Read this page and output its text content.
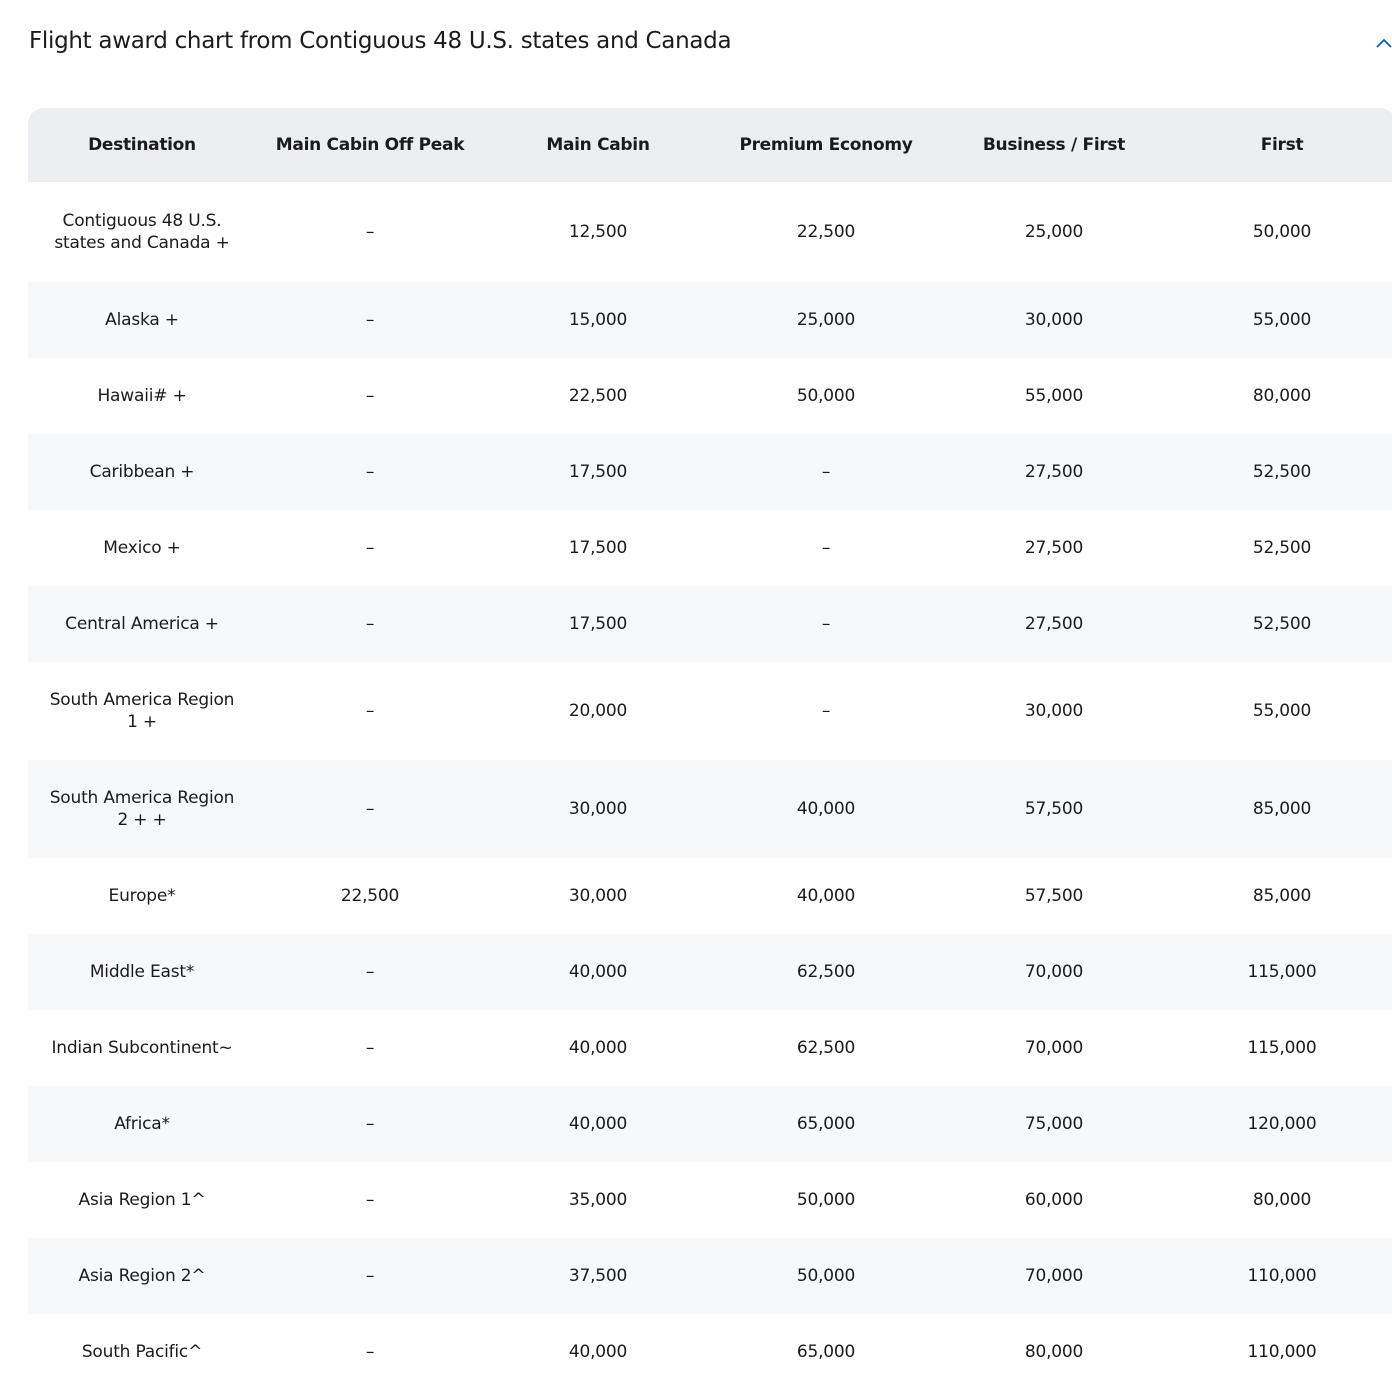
Flight award chart from Contiguous 48 U.S. states and Canada
Destination	Main Cabin Off Peak	Main Cabin	Premium Economy	Business / First	First
Contiguous 48 U.S. states and Canada +	–	12,500	22,500	25,000	50,000
Alaska +	–	15,000	25,000	30,000	55,000
Hawaii# +	–	22,500	50,000	55,000	80,000
Caribbean +	–	17,500	–	27,500	52,500
Mexico +	–	17,500	–	27,500	52,500
Central America +	–	17,500	–	27,500	52,500
South America Region 1 +	–	20,000	–	30,000	55,000
South America Region 2 + +	–	30,000	40,000	57,500	85,000
Europe*	22,500	30,000	40,000	57,500	85,000
Middle East*	–	40,000	62,500	70,000	115,000
Indian Subcontinent~	–	40,000	62,500	70,000	115,000
Africa*	–	40,000	65,000	75,000	120,000
Asia Region 1^	–	35,000	50,000	60,000	80,000
Asia Region 2^	–	37,500	50,000	70,000	110,000
South Pacific^	–	40,000	65,000	80,000	110,000
